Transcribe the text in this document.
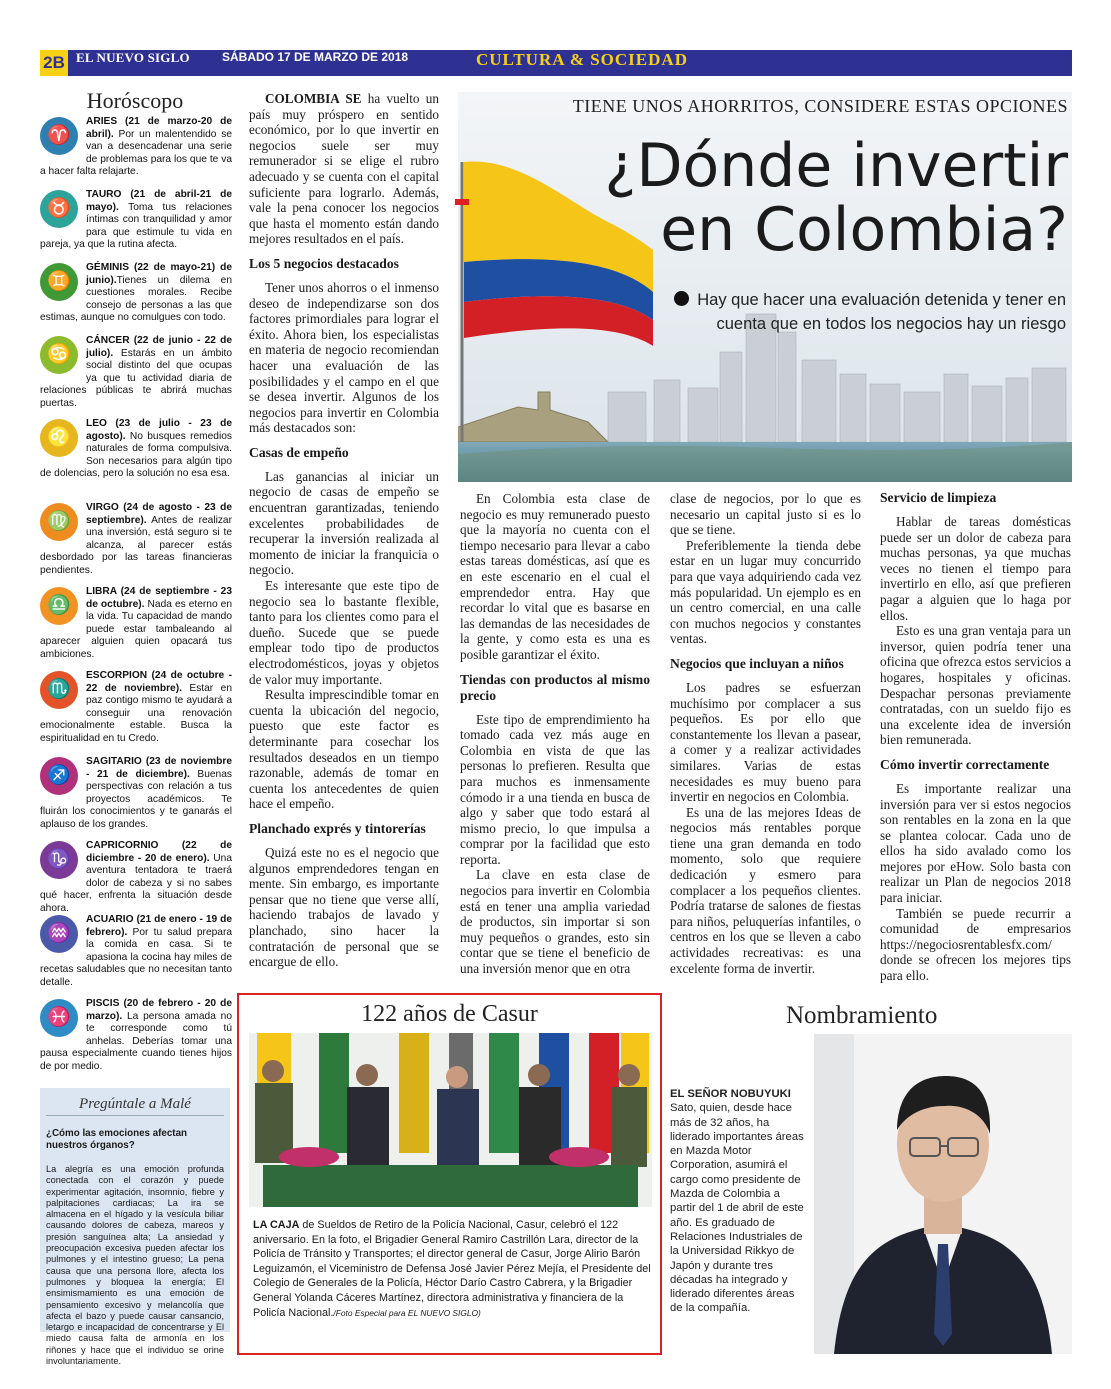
2B EL NUEVO SIGLO	SÁBADO 17 DE MARZO DE 2018	CULTURA & SOCIEDAD
Horóscopo
♈
ARIES (21 de marzo-20 de abril). Por un malentendido se van a desencadenar una serie de problemas para los que te va a hacer falta relajarte.
♉
TAURO (21 de abril-21 de mayo). Toma tus relaciones íntimas con tranquilidad y amor para que estimule tu vida en pareja, ya que la rutina afecta.
♊
GÉMINIS (22 de mayo-21) de junio).Tienes un dilema en cuestiones morales. Recibe consejo de personas a las que estimas, aunque no comulgues con todo.
♋
CÁNCER (22 de junio - 22 de julio). Estarás en un ámbito social distinto del que ocupas ya que tu actividad diaria de relaciones públicas te abrirá muchas puertas.
♌
LEO (23 de julio - 23 de agosto). No busques remedios naturales de forma compulsiva. Son necesarios para algún tipo de dolencias, pero la solución no esa esa.
♍
VIRGO (24 de agosto - 23 de septiembre). Antes de realizar una inversión, está seguro si te alcanza, al parecer estás desbordado por las tareas financieras pendientes.
♎
LIBRA (24 de septiembre - 23 de octubre). Nada es eterno en la vida. Tu capacidad de mando puede estar tambaleando al aparecer alguien quien opacará tus ambiciones.
♏
ESCORPION (24 de octubre - 22 de noviembre). Estar en paz contigo mismo te ayudará a conseguir una renovación emocionalmente estable. Busca la espiritualidad en tu Credo.
♐
SAGITARIO (23 de noviembre - 21 de diciembre). Buenas perspectivas con relación a tus proyectos académicos. Te fluirán los conocimientos y te ganarás el aplauso de los grandes.
♑
CAPRICORNIO (22 de diciembre - 20 de enero). Una aventura tentadora te traerá dolor de cabeza y si no sabes qué hacer, enfrenta la situación desde ahora.
♒
ACUARIO (21 de enero - 19 de febrero). Por tu salud prepara la comida en casa. Si te apasiona la cocina hay miles de recetas saludables que no necesitan tanto detalle.
♓
PISCIS (20 de febrero - 20 de marzo). La persona amada no te corresponde como tú anhelas. Deberías tomar una pausa especialmente cuando tienes hijos de por medio.
Pregúntale a Malé
¿Cómo las emociones afectan nuestros órganos?
La alegría es una emoción profunda conectada con el corazón y puede experimentar agitación, insomnio, fiebre y palpitaciones cardiacas; La ira se almacena en el hígado y la vesícula biliar causando dolores de cabeza, mareos y presión sanguínea alta; La ansiedad y preocupación excesiva pueden afectar los pulmones y el intestino grueso; La pena causa que una persona llore, afecta los pulmones y bloquea la energía; El ensimismamiento es una emoción de pensamiento excesivo y melancolía que afecta el bazo y puede causar cansancio, letargo e incapacidad de concentrarse y El miedo causa falta de armonía en los riñones y hace que el individuo se orine involuntariamente.
TIENE UNOS AHORRITOS, CONSIDERE ESTAS OPCIONES
¿Dónde invertir en Colombia?
Hay que hacer una evaluación detenida y tener en cuenta que en todos los negocios hay un riesgo

COLOMBIA SE ha vuelto un país muy próspero en sentido económico, por lo que invertir en negocios suele ser muy remunerador si se elige el rubro adecuado y se cuenta con el capital suficiente para lograrlo. Además, vale la pena conocer los negocios que hasta el momento están dando mejores resultados en el país.

Los 5 negocios destacados

Tener unos ahorros o el inmenso deseo de independizarse son dos factores primordiales para lograr el éxito. Ahora bien, los especialistas en materia de negocio recomiendan hacer una evaluación de las posibilidades y el campo en el que se desea invertir. Algunos de los negocios para invertir en Colombia más destacados son:

Casas de empeño

Las ganancias al iniciar un negocio de casas de empeño se encuentran garantizadas, teniendo excelentes probabilidades de recuperar la inversión realizada al momento de iniciar la franquicia o negocio.

Es interesante que este tipo de negocio sea lo bastante flexible, tanto para los clientes como para el dueño. Sucede que se puede emplear todo tipo de productos electrodomésticos, joyas y objetos de valor muy importante.

Resulta imprescindible tomar en cuenta la ubicación del negocio, puesto que este factor es determinante para cosechar los resultados deseados en un tiempo razonable, además de tomar en cuenta los antecedentes de quien hace el empeño.

Planchado exprés y tintorerías

Quizá este no es el negocio que algunos emprendedores tengan en mente. Sin embargo, es importante pensar que no tiene que verse allí, haciendo trabajos de lavado y planchado, sino hacer la contratación de personal que se encargue de ello.

En Colombia esta clase de negocio es muy remunerado puesto que la mayoría no cuenta con el tiempo necesario para llevar a cabo estas tareas domésticas, así que es en este escenario en el cual el emprendedor entra. Hay que recordar lo vital que es basarse en las demandas de las necesidades de la gente, y como esta es una es posible garantizar el éxito.

Tiendas con productos al mismo precio

Este tipo de emprendimiento ha tomado cada vez más auge en Colombia en vista de que las personas lo prefieren. Resulta que para muchos es inmensamente cómodo ir a una tienda en busca de algo y saber que todo estará al mismo precio, lo que impulsa a comprar por la facilidad que esto reporta.

La clave en esta clase de negocios para invertir en Colombia está en tener una amplia variedad de productos, sin importar si son muy pequeños o grandes, esto sin contar que se tiene el beneficio de una inversión menor que en otra

clase de negocios, por lo que es necesario un capital justo si es lo que se tiene.

Preferiblemente la tienda debe estar en un lugar muy concurrido para que vaya adquiriendo cada vez más popularidad. Un ejemplo es en un centro comercial, en una calle con muchos negocios y constantes ventas.

Negocios que incluyan a niños

Los padres se esfuerzan muchísimo por complacer a sus pequeños. Es por ello que constantemente los llevan a pasear, a comer y a realizar actividades similares. Varias de estas necesidades es muy bueno para invertir en negocios en Colombia.

Es una de las mejores Ideas de negocios más rentables porque tiene una gran demanda en todo momento, solo que requiere dedicación y esmero para complacer a los pequeños clientes. Podría tratarse de salones de fiestas para niños, peluquerías infantiles, o centros en los que se lleven a cabo actividades recreativas: es una excelente forma de invertir.

Servicio de limpieza

Hablar de tareas domésticas puede ser un dolor de cabeza para muchas personas, ya que muchas veces no tienen el tiempo para invertirlo en ello, así que prefieren pagar a alguien que lo haga por ellos.

Esto es una gran ventaja para un inversor, quien podría tener una oficina que ofrezca estos servicios a hogares, hospitales y oficinas. Despachar personas previamente contratadas, con un sueldo fijo es una excelente idea de inversión bien remunerada.

Cómo invertir correctamente

Es importante realizar una inversión para ver si estos negocios son rentables en la zona en la que se plantea colocar. Cada uno de ellos ha sido avalado como los mejores por eHow. Solo basta con realizar un Plan de negocios 2018 para iniciar.

También se puede recurrir a comunidad de empresarios https://negociosrentablesfx.com/ donde se ofrecen los mejores tips para ello.

122 años de Casur
LA CAJA de Sueldos de Retiro de la Policía Nacional, Casur, celebró el 122 aniversario. En la foto, el Brigadier General Ramiro Castrillón Lara, director de la Policía de Tránsito y Transportes; el director general de Casur, Jorge Alirio Barón Leguizamón, el Viceministro de Defensa José Javier Pérez Mejía, el Presidente del Colegio de Generales de la Policía, Héctor Darío Castro Cabrera, y la Brigadier General Yolanda Cáceres Martínez, directora administrativa y financiera de la Policía Nacional./Foto Especial para EL NUEVO SIGLO)
Nombramiento
EL SEÑOR NOBUYUKI Sato, quien, desde hace más de 32 años, ha liderado importantes áreas en Mazda Motor Corporation, asumirá el cargo como presidente de Mazda de Colombia a partir del 1 de abril de este año. Es graduado de Relaciones Industriales de la Universidad Rikkyo de Japón y durante tres décadas ha integrado y liderado diferentes áreas de la compañía.
